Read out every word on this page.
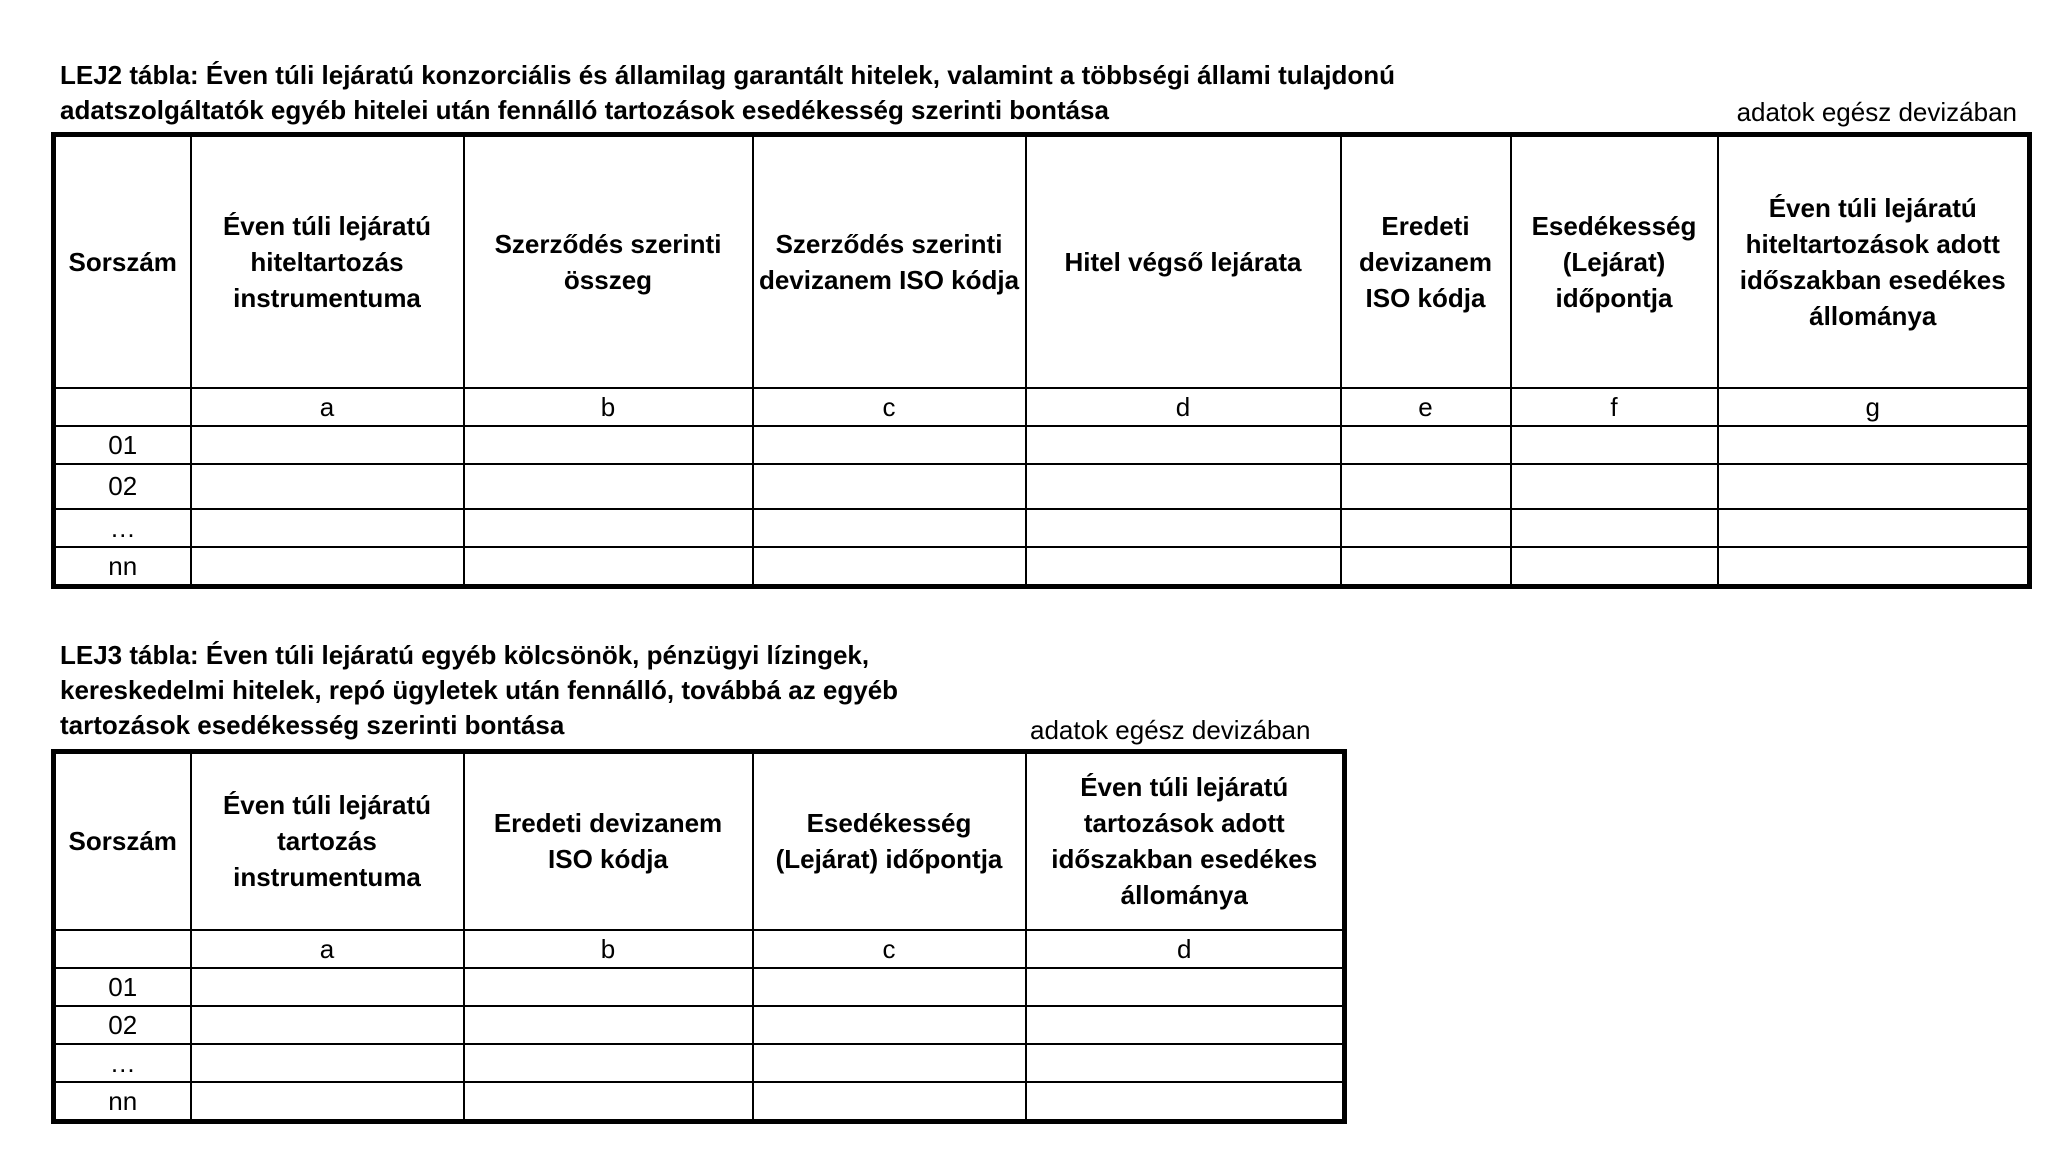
LEJ2 tábla: Éven túli lejáratú konzorciális és államilag garantált hitelek, valamint a többségi állami tulajdonú
adatszolgáltatók egyéb hitelei után fennálló tartozások esedékesség szerinti bontása	adatok egész devizában
Sorszám	Éven túli lejáratú hiteltartozás instrumentuma	Szerződés szerinti összeg	Szerződés szerinti devizanem ISO kódja	Hitel végső lejárata	Eredeti devizanem ISO kódja	Esedékesség (Lejárat) időpontja	Éven túli lejáratú hiteltartozások adott időszakban esedékes állománya
	a	b	c	d	e	f	g
01							
02							
…							
nn							
LEJ3 tábla: Éven túli lejáratú egyéb kölcsönök, pénzügyi lízingek,
kereskedelmi hitelek, repó ügyletek után fennálló, továbbá az egyéb
tartozások esedékesség szerinti bontása	adatok egész devizában
Sorszám	Éven túli lejáratú tartozás instrumentuma	Eredeti devizanem ISO kódja	Esedékesség (Lejárat) időpontja	Éven túli lejáratú tartozások adott időszakban esedékes állománya
	a	b	c	d
01				
02				
…				
nn				
